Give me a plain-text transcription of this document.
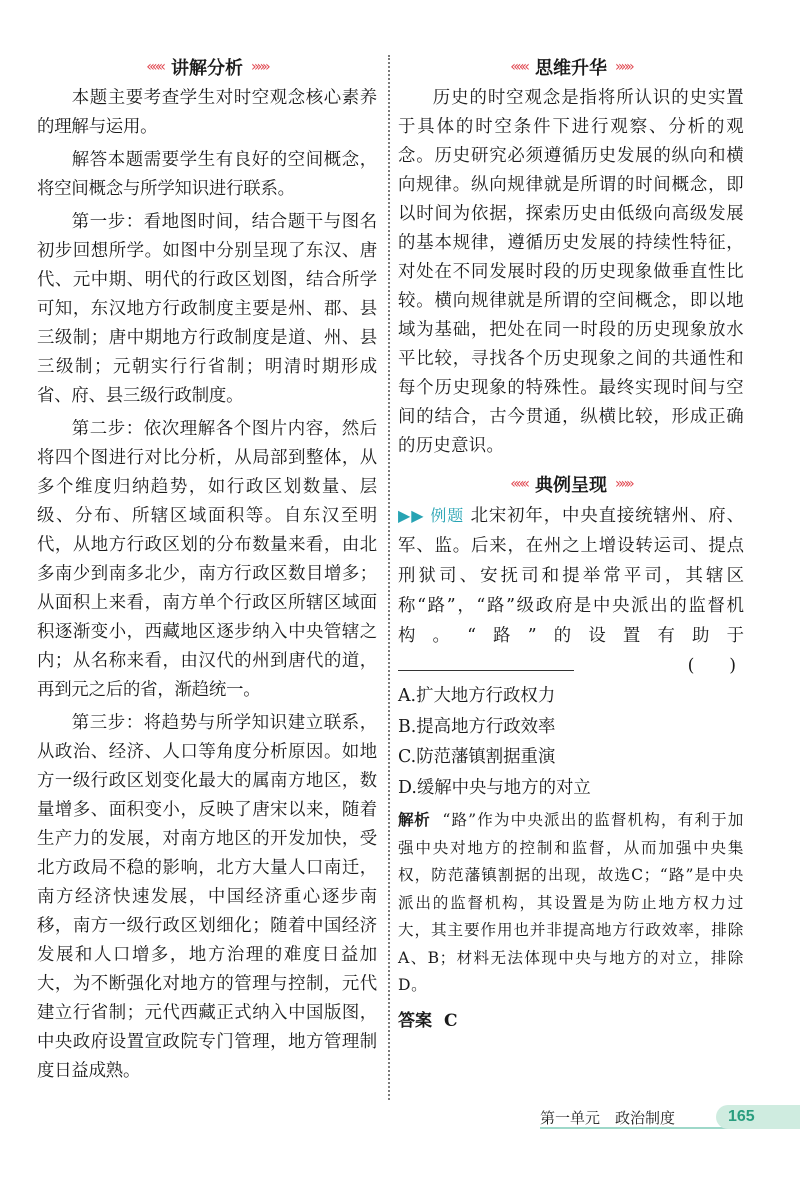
««« 讲解分析 »»»

本题主要考查学生对时空观念核心素养的理解与运用。

解答本题需要学生有良好的空间概念，将空间概念与所学知识进行联系。

第一步：看地图时间，结合题干与图名初步回想所学。如图中分别呈现了东汉、唐代、元中期、明代的行政区划图，结合所学可知，东汉地方行政制度主要是州、郡、县三级制；唐中期地方行政制度是道、州、县三级制；元朝实行行省制；明清时期形成省、府、县三级行政制度。

第二步：依次理解各个图片内容，然后将四个图进行对比分析，从局部到整体，从多个维度归纳趋势，如行政区划数量、层级、分布、所辖区域面积等。自东汉至明代，从地方行政区划的分布数量来看，由北多南少到南多北少，南方行政区数目增多；从面积上来看，南方单个行政区所辖区域面积逐渐变小，西藏地区逐步纳入中央管辖之内；从名称来看，由汉代的州到唐代的道，再到元之后的省，渐趋统一。

第三步：将趋势与所学知识建立联系，从政治、经济、人口等角度分析原因。如地方一级行政区划变化最大的属南方地区，数量增多、面积变小，反映了唐宋以来，随着生产力的发展，对南方地区的开发加快，受北方政局不稳的影响，北方大量人口南迁，南方经济快速发展，中国经济重心逐步南移，南方一级行政区划细化；随着中国经济发展和人口增多，地方治理的难度日益加大，为不断强化对地方的管理与控制，元代建立行省制；元代西藏正式纳入中国版图，中央政府设置宣政院专门管理，地方管理制度日益成熟。

««« 思维升华 »»»

历史的时空观念是指将所认识的史实置于具体的时空条件下进行观察、分析的观念。历史研究必须遵循历史发展的纵向和横向规律。纵向规律就是所谓的时间概念，即以时间为依据，探索历史由低级向高级发展的基本规律，遵循历史发展的持续性特征，对处在不同发展时段的历史现象做垂直性比较。横向规律就是所谓的空间概念，即以地域为基础，把处在同一时段的历史现象放水平比较，寻找各个历史现象之间的共通性和每个历史现象的特殊性。最终实现时间与空间的结合，古今贯通，纵横比较，形成正确的历史意识。

««« 典例呈现 »»»

▶▶ 例题 北宋初年，中央直接统辖州、府、军、监。后来，在州之上增设转运司、提点刑狱司、安抚司和提举常平司，其辖区称“路”，“路”级政府是中央派出的监督机构。“路”的设置有助于
(　　)

A.扩大地方行政权力

B.提高地方行政效率

C.防范藩镇割据重演

D.缓解中央与地方的对立

解析 “路”作为中央派出的监督机构，有利于加强中央对地方的控制和监督，从而加强中央集权，防范藩镇割据的出现，故选C；“路”是中央派出的监督机构，其设置是为防止地方权力过大，其主要作用也并非提高地方行政效率，排除A、B；材料无法体现中央与地方的对立，排除D。

答案 C
第一单元　政治制度	165
